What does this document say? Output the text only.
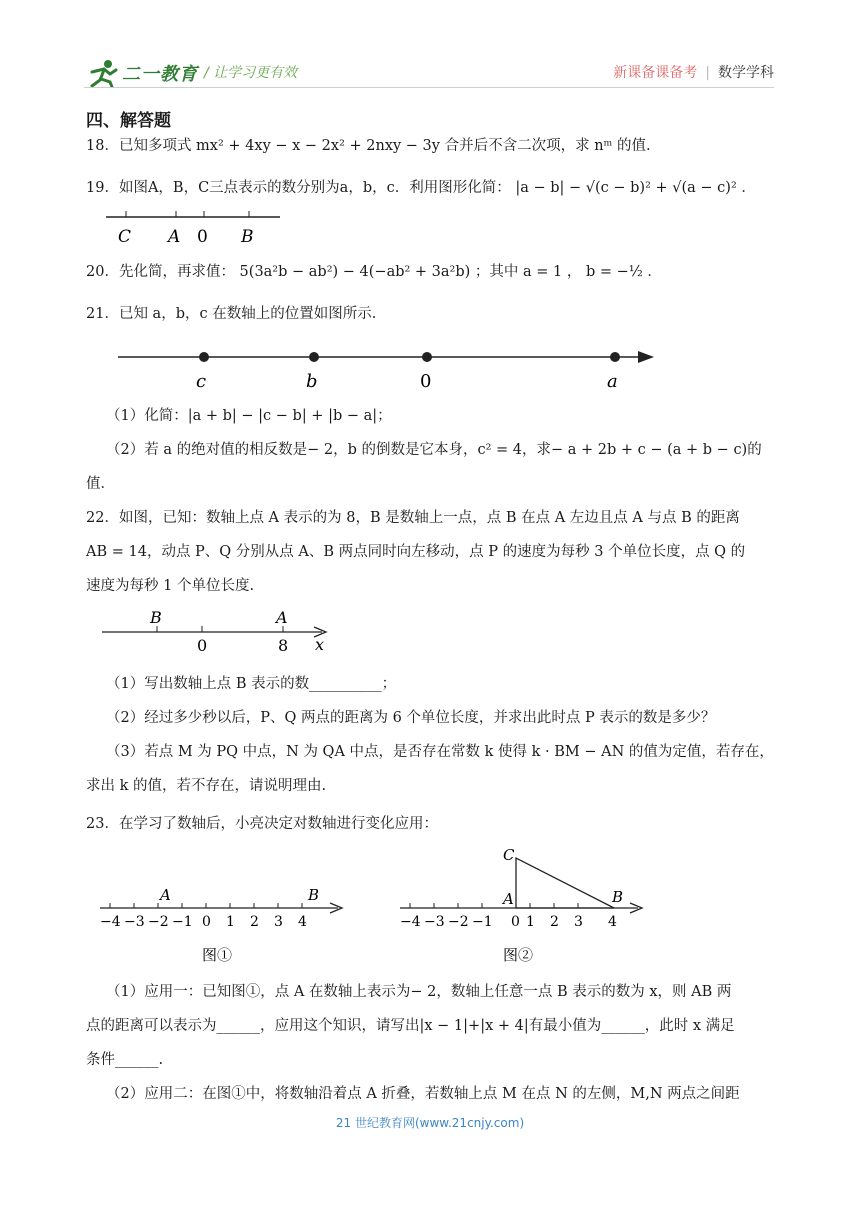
二一教育 / 让学习更有效	新课备课备考 | 数学学科
四、解答题
18．已知多项式 mx² + 4xy − x − 2x² + 2nxy − 3y 合并后不含二次项，求 nᵐ 的值.
19．如图A，B，C三点表示的数分别为a，b，c．利用图形化简： |a − b| − √(c − b)² + √(a − c)² ．
C A 0 B
20．先化简，再求值： 5(3a²b − ab²) − 4(−ab² + 3a²b) ；其中 a = 1 ， b = −½ ．
21．已知 a，b，c 在数轴上的位置如图所示.
c	b	0	a
（1）化简：|a + b| − |c − b| + |b − a|；
（2）若 a 的绝对值的相反数是− 2，b 的倒数是它本身，c² = 4，求− a + 2b + c − (a + b − c)的
值．
22．如图，已知：数轴上点 A 表示的为 8，B 是数轴上一点，点 B 在点 A 左边且点 A 与点 B 的距离
AB = 14，动点 P、Q 分别从点 A、B 两点同时向左移动，点 P 的速度为每秒 3 个单位长度，点 Q 的
速度为每秒 1 个单位长度.
B
0
A
8 x
（1）写出数轴上点 B 表示的数__________；
（2）经过多少秒以后，P、Q 两点的距离为 6 个单位长度，并求出此时点 P 表示的数是多少？
（3）若点 M 为 PQ 中点，N 为 QA 中点，是否存在常数 k 使得 k · BM − AN 的值为定值，若存在，
求出 k 的值，若不存在，请说明理由.
23．在学习了数轴后，小亮决定对数轴进行变化应用：
−4 −3 −2 −1 0 1 2 3 4
A	B
图①
−4 −3 −2 −1 0 1 2 3 4
C
A	B
图②
（1）应用一：已知图①，点 A 在数轴上表示为− 2，数轴上任意一点 B 表示的数为 x，则 AB 两
点的距离可以表示为______，应用这个知识，请写出|x − 1|+|x + 4|有最小值为______，此时 x 满足
条件______.
（2）应用二：在图①中，将数轴沿着点 A 折叠，若数轴上点 M 在点 N 的左侧，M,N 两点之间距
21 世纪教育网(www.21cnjy.com)
